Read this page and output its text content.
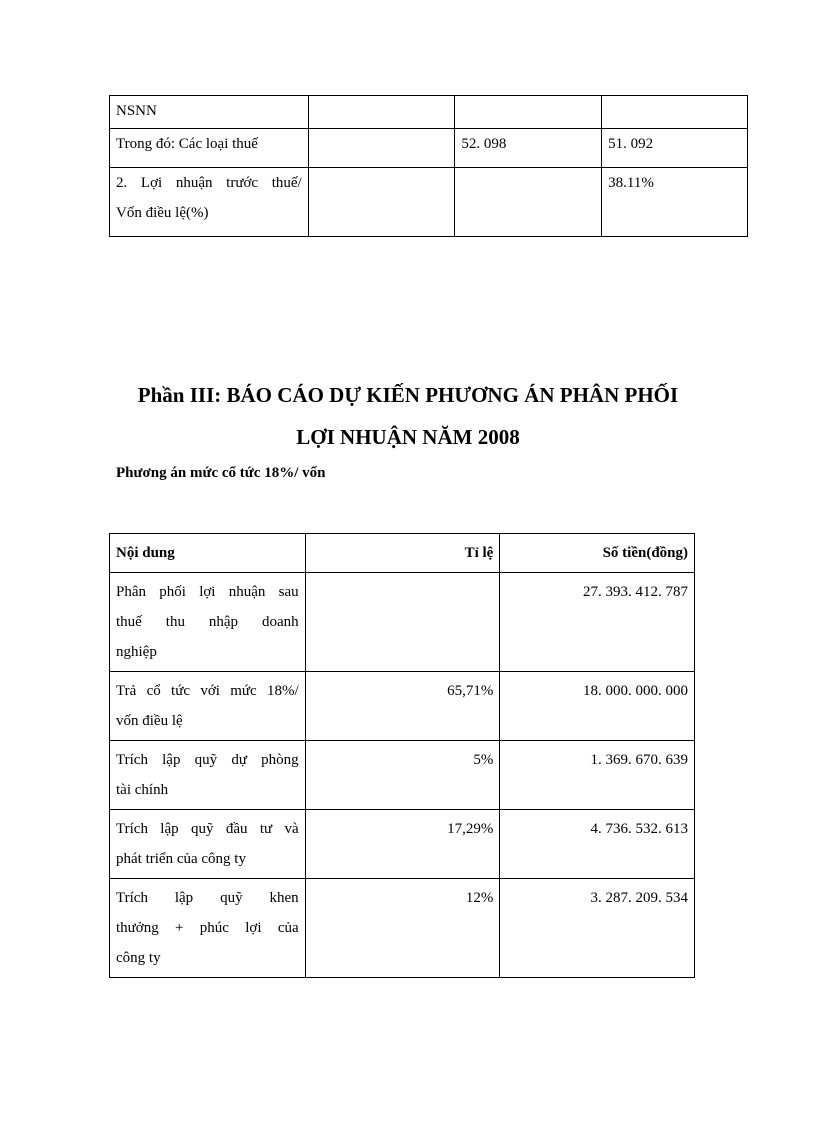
NSNN			
Trong đó: Các loại thuế		52. 098	51. 092

2. Lợi nhuận trước thuế/
Vốn điều lệ(%)			38.11%
Phần III: BÁO CÁO DỰ KIẾN PHƯƠNG ÁN PHÂN PHỐI
LỢI NHUẬN NĂM 2008
Phương án mức cổ tức 18%/ vốn
Nội dung	Tỉ lệ	Số tiền(đồng)

Phân phối lợi nhuận sau
thuế thu nhập doanh
nghiệp		27. 393. 412. 787

Trả cổ tức với mức 18%/
vốn điều lệ	65,71%	18. 000. 000. 000

Trích lập quỹ dự phòng
tài chính	5%	1. 369. 670. 639

Trích lập quỹ đầu tư và
phát triển của công ty	17,29%	4. 736. 532. 613

Trích lập quỹ khen
thưởng + phúc lợi của
công ty	12%	3. 287. 209. 534
